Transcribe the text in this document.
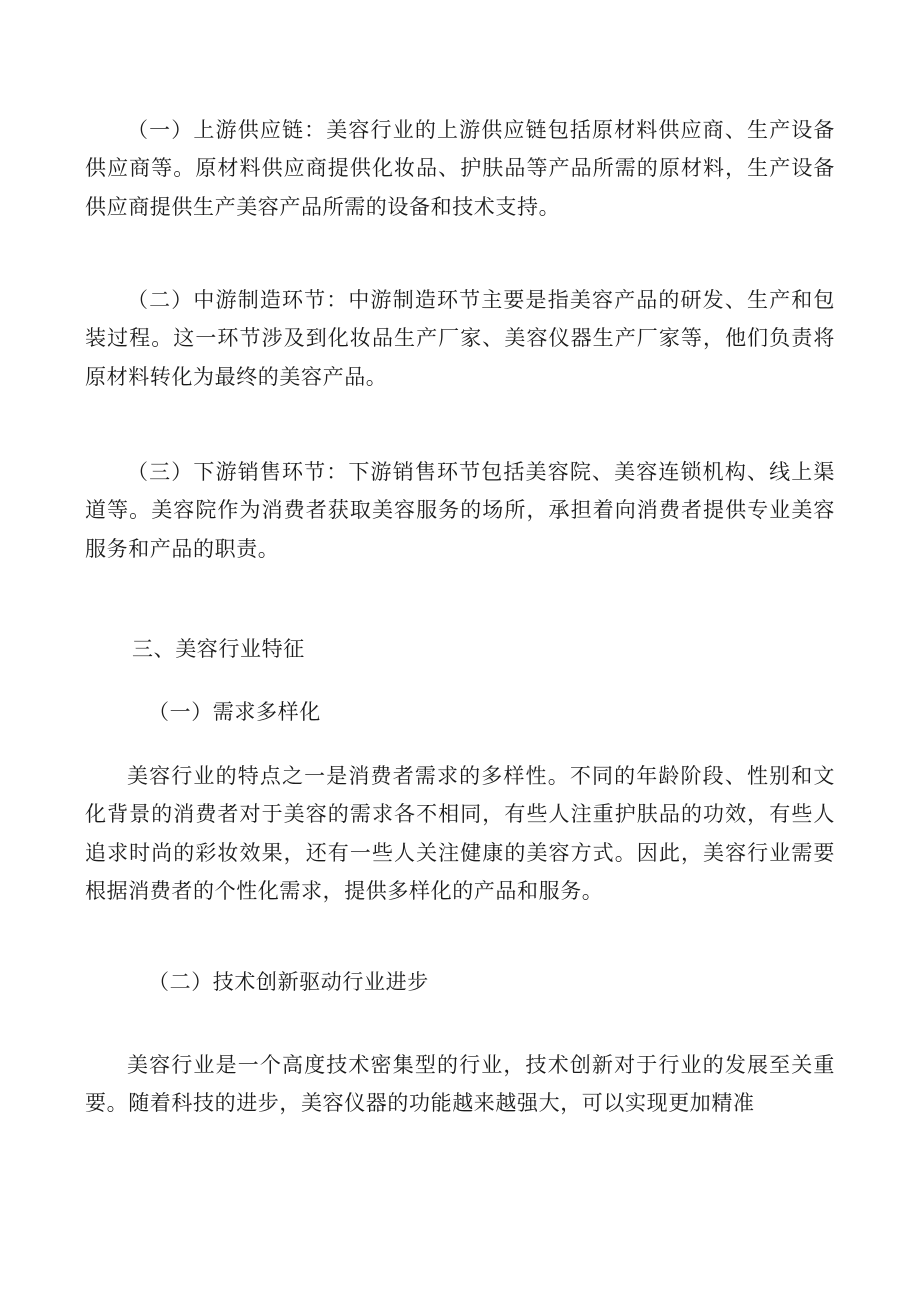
（一）上游供应链：美容行业的上游供应链包括原材料供应商、生产设备供应商等。原材料供应商提供化妆品、护肤品等产品所需的原材料，生产设备供应商提供生产美容产品所需的设备和技术支持。

（二）中游制造环节：中游制造环节主要是指美容产品的研发、生产和包装过程。这一环节涉及到化妆品生产厂家、美容仪器生产厂家等，他们负责将原材料转化为最终的美容产品。

（三）下游销售环节：下游销售环节包括美容院、美容连锁机构、线上渠道等。美容院作为消费者获取美容服务的场所，承担着向消费者提供专业美容服务和产品的职责。

三、美容行业特征

（一）需求多样化

美容行业的特点之一是消费者需求的多样性。不同的年龄阶段、性别和文化背景的消费者对于美容的需求各不相同，有些人注重护肤品的功效，有些人追求时尚的彩妆效果，还有一些人关注健康的美容方式。因此，美容行业需要根据消费者的个性化需求，提供多样化的产品和服务。

（二）技术创新驱动行业进步

美容行业是一个高度技术密集型的行业，技术创新对于行业的发展至关重要。随着科技的进步，美容仪器的功能越来越强大，可以实现更加精准
